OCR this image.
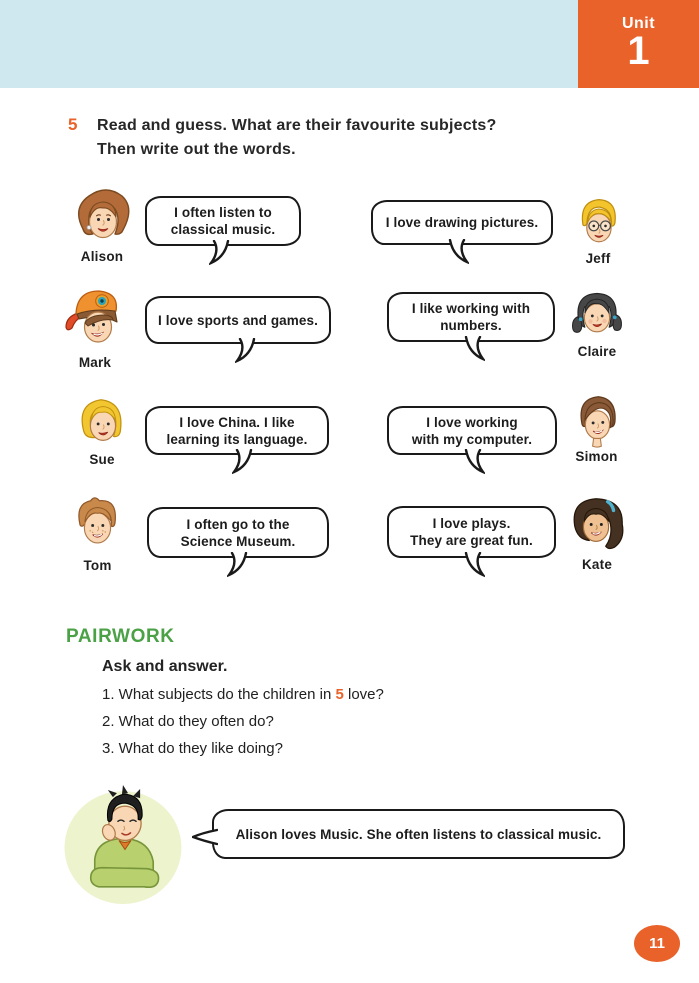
Unit
1
5 Read and guess. What are their favourite subjects?
Then write out the words.
Alison
I often listen to
classical music.	I love drawing pictures.
Jeff
Mark
I love sports and games.
I like working with
numbers.
Claire
Sue
I love China. I like
learning its language.
I love working
with my computer.
Simon
Tom
I often go to the
Science Museum.
I love plays.
They are great fun.
Kate
PAIRWORK
Ask and answer.
1. What subjects do the children in 5 love?
2. What do they often do?
3. What do they like doing?
Alison loves Music. She often listens to classical music.
11
